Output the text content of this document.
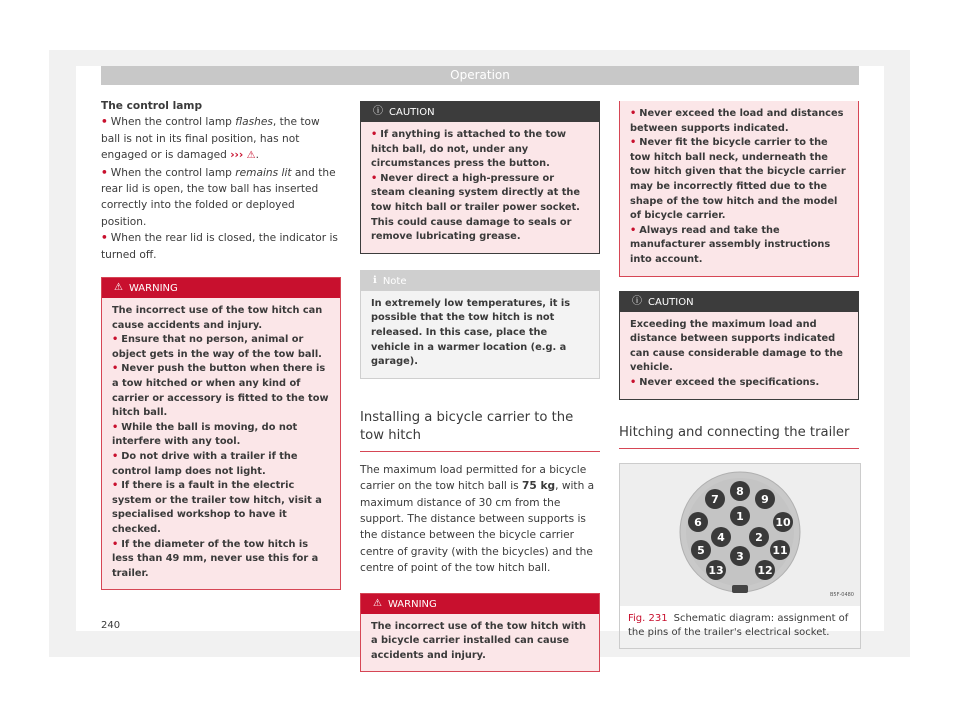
Operation

The control lamp

• When the control lamp flashes, the tow ball is not in its final position, has not engaged or is damaged ››› ⚠.

• When the control lamp remains lit and the rear lid is open, the tow ball has inserted correctly into the folded or deployed position.

• When the rear lid is closed, the indicator is turned off.

⚠ WARNING

The incorrect use of the tow hitch can cause accidents and injury.

• Ensure that no person, animal or object gets in the way of the tow ball.

• Never push the button when there is a tow hitched or when any kind of carrier or accessory is fitted to the tow hitch ball.

• While the ball is moving, do not interfere with any tool.

• Do not drive with a trailer if the control lamp does not light.

• If there is a fault in the electric system or the trailer tow hitch, visit a specialised workshop to have it checked.

• If the diameter of the tow hitch is less than 49 mm, never use this for a trailer.

ⓘ CAUTION

• If anything is attached to the tow hitch ball, do not, under any circumstances press the button.

• Never direct a high-pressure or steam cleaning system directly at the tow hitch ball or trailer power socket. This could cause damage to seals or remove lubricating grease.

ℹ Note
In extremely low temperatures, it is possible that the tow hitch is not released. In this case, place the vehicle in a warmer location (e.g. a garage).
Installing a bicycle carrier to the tow hitch

The maximum load permitted for a bicycle carrier on the tow hitch ball is 75 kg, with a maximum distance of 30 cm from the support. The distance between supports is the distance between the bicycle carrier centre of gravity (with the bicycles) and the centre of point of the tow hitch ball.

⚠ WARNING
The incorrect use of the tow hitch with a bicycle carrier installed can cause accidents and injury.

• Never exceed the load and distances between supports indicated.

• Never fit the bicycle carrier to the tow hitch ball neck, underneath the tow hitch given that the bicycle carrier may be incorrectly fitted due to the shape of the tow hitch and the model of bicycle carrier.

• Always read and take the manufacturer assembly instructions into account.

ⓘ CAUTION

Exceeding the maximum load and distance between supports indicated can cause considerable damage to the vehicle.

• Never exceed the specifications.

Hitching and connecting the trailer
1
2
3
4
5
6
7
8
9
10
11
12
13
B5F-0480
Fig. 231 Schematic diagram: assignment of the pins of the trailer's electrical socket.
240
